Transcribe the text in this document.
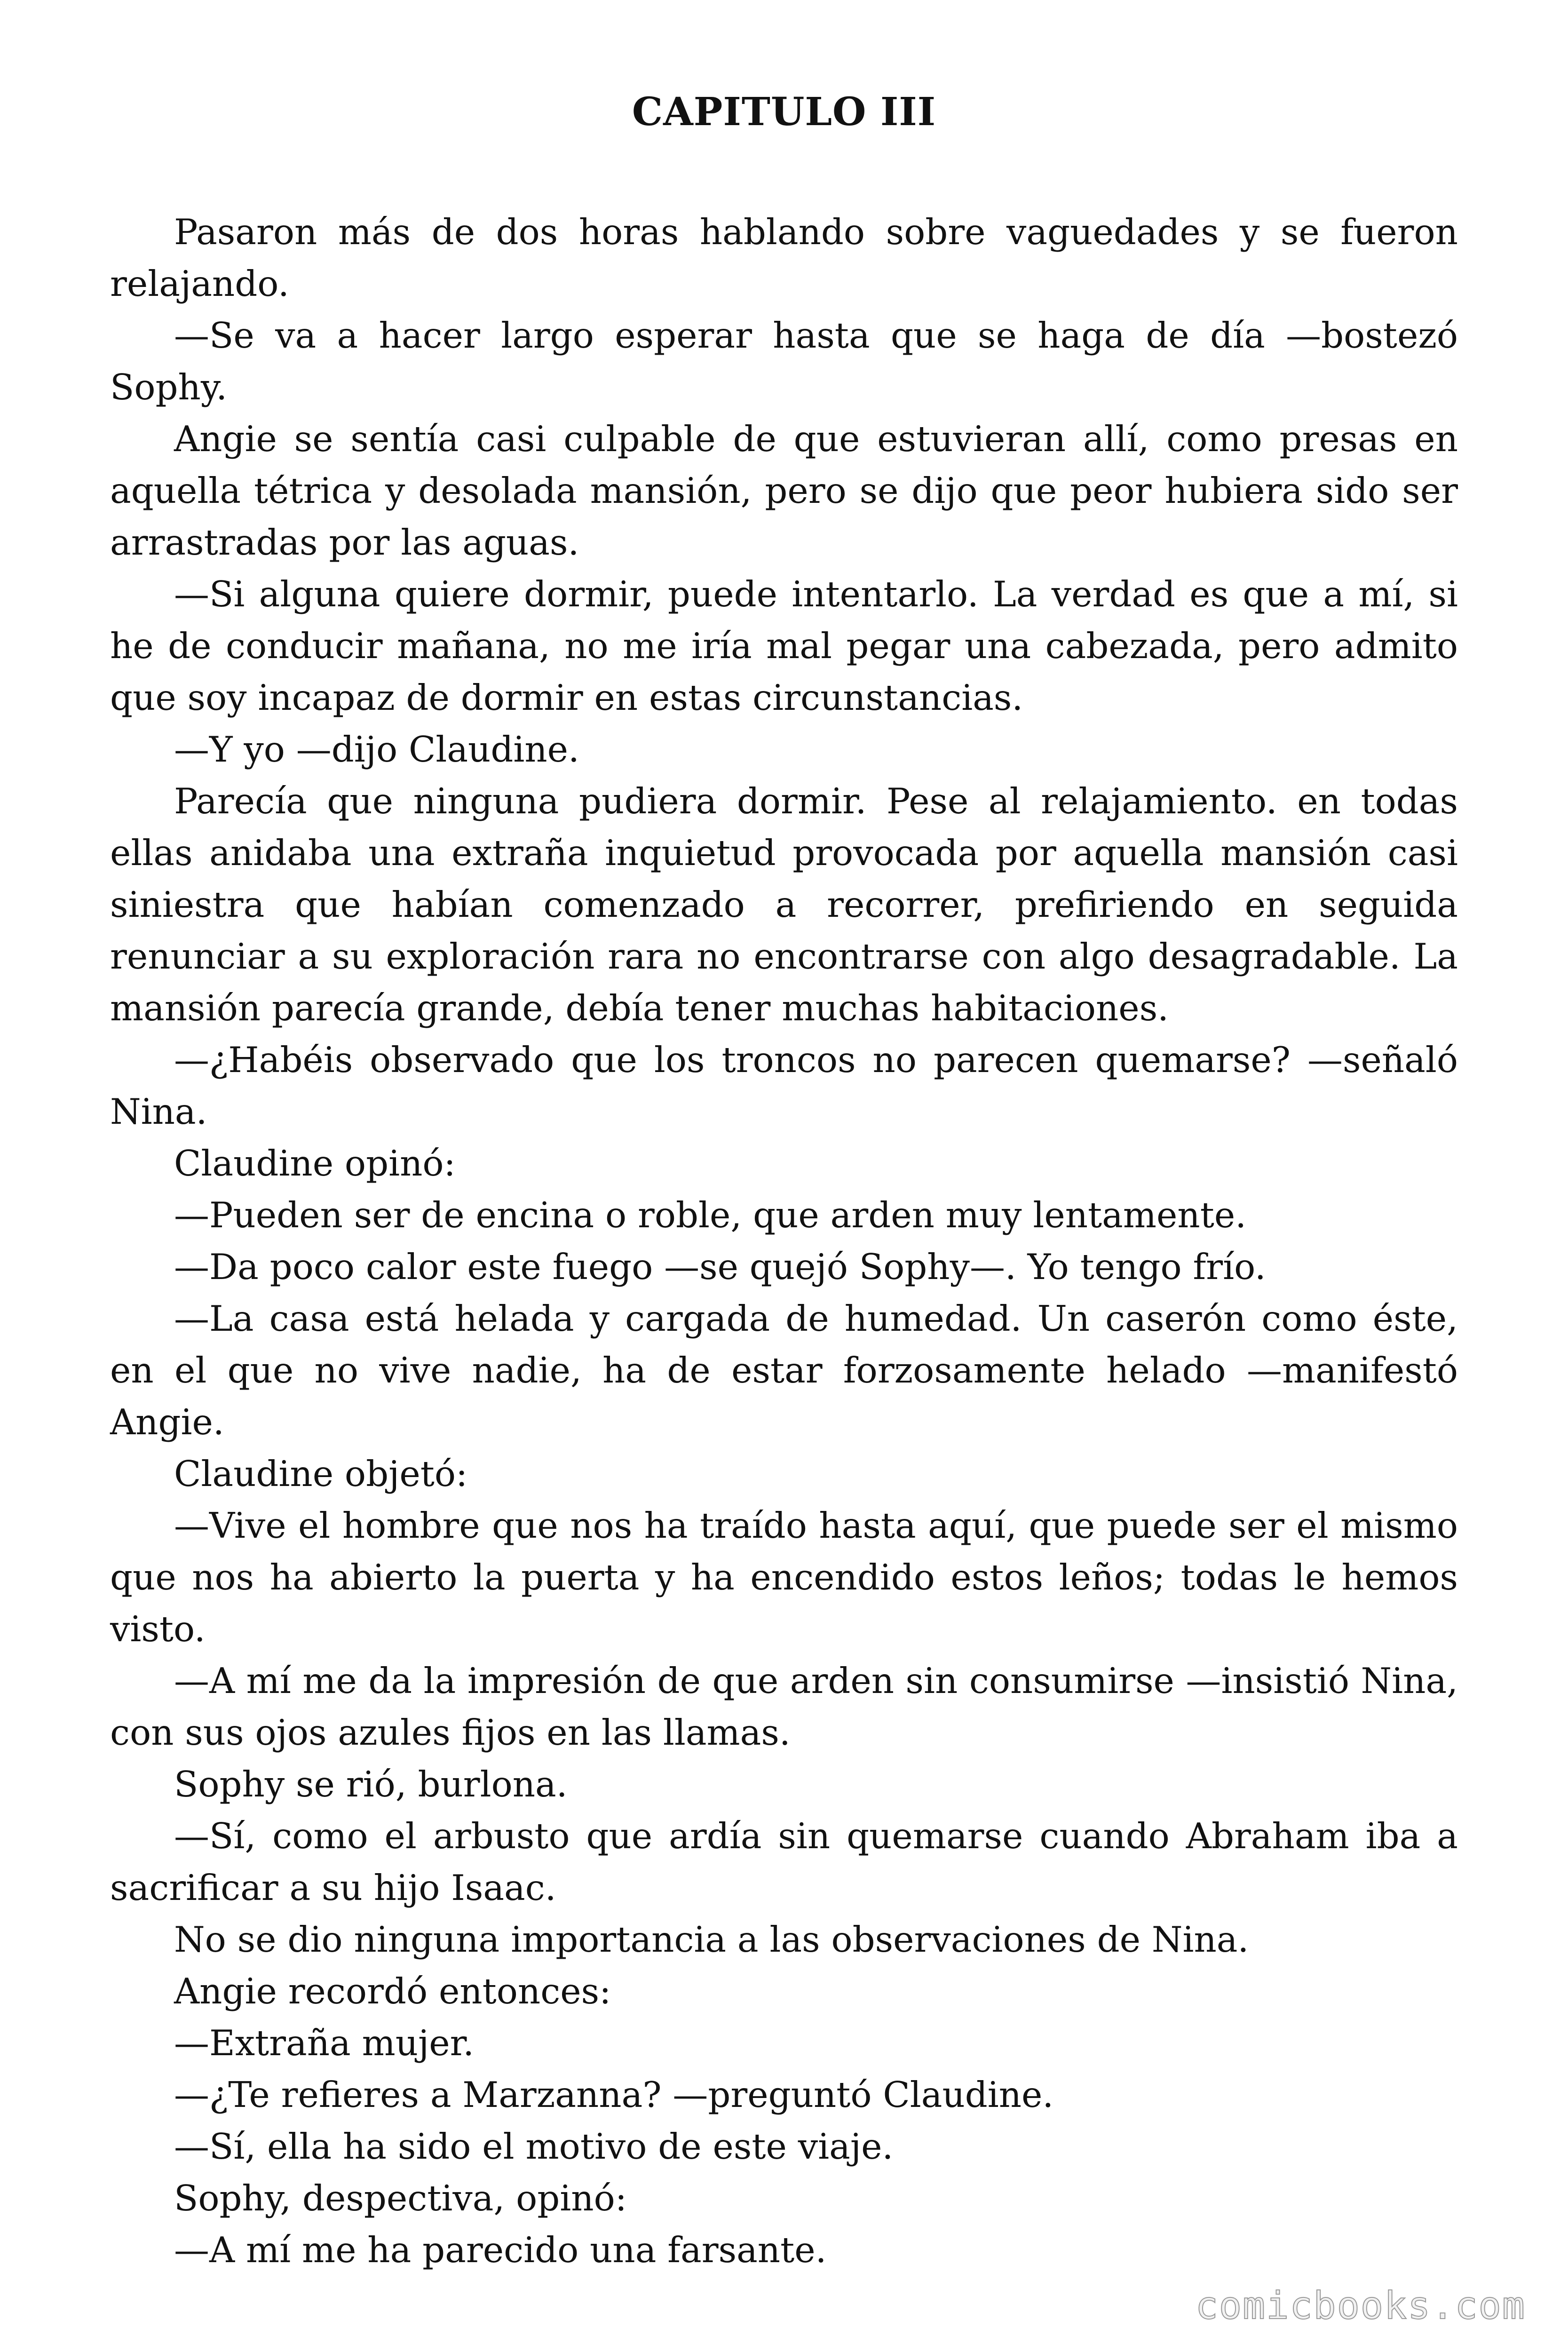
CAPITULO III

Pasaron más de dos horas hablando sobre vaguedades y se fueron relajando.

—Se va a hacer largo esperar hasta que se haga de día —bostezó Sophy.

Angie se sentía casi culpable de que estuvieran allí, como presas en aquella tétrica y desolada mansión, pero se dijo que peor hubiera sido ser arrastradas por las aguas.

—Si alguna quiere dormir, puede intentarlo. La verdad es que a mí, si he de conducir mañana, no me iría mal pegar una cabezada, pero admito que soy incapaz de dormir en estas circunstancias.

—Y yo —dijo Claudine.

Parecía que ninguna pudiera dormir. Pese al relajamiento. en todas ellas anidaba una extraña inquietud provocada por aquella mansión casi siniestra que habían comenzado a recorrer, prefiriendo en seguida renunciar a su exploración rara no encontrarse con algo desagradable. La mansión parecía grande, debía tener muchas habitaciones.

—¿Habéis observado que los troncos no parecen quemarse? —señaló Nina.

Claudine opinó:

—Pueden ser de encina o roble, que arden muy lentamente.

—Da poco calor este fuego —se quejó Sophy—. Yo tengo frío.

—La casa está helada y cargada de humedad. Un caserón como éste, en el que no vive nadie, ha de estar forzosamente helado —manifestó Angie.

Claudine objetó:

—Vive el hombre que nos ha traído hasta aquí, que puede ser el mismo que nos ha abierto la puerta y ha encendido estos leños; todas le hemos visto.

—A mí me da la impresión de que arden sin consumirse —insistió Nina, con sus ojos azules fijos en las llamas.

Sophy se rió, burlona.

—Sí, como el arbusto que ardía sin quemarse cuando Abraham iba a sacrificar a su hijo Isaac.

No se dio ninguna importancia a las observaciones de Nina.

Angie recordó entonces:

—Extraña mujer.

—¿Te refieres a Marzanna? —preguntó Claudine.

—Sí, ella ha sido el motivo de este viaje.

Sophy, despectiva, opinó:

—A mí me ha parecido una farsante.

comicbooks.com
